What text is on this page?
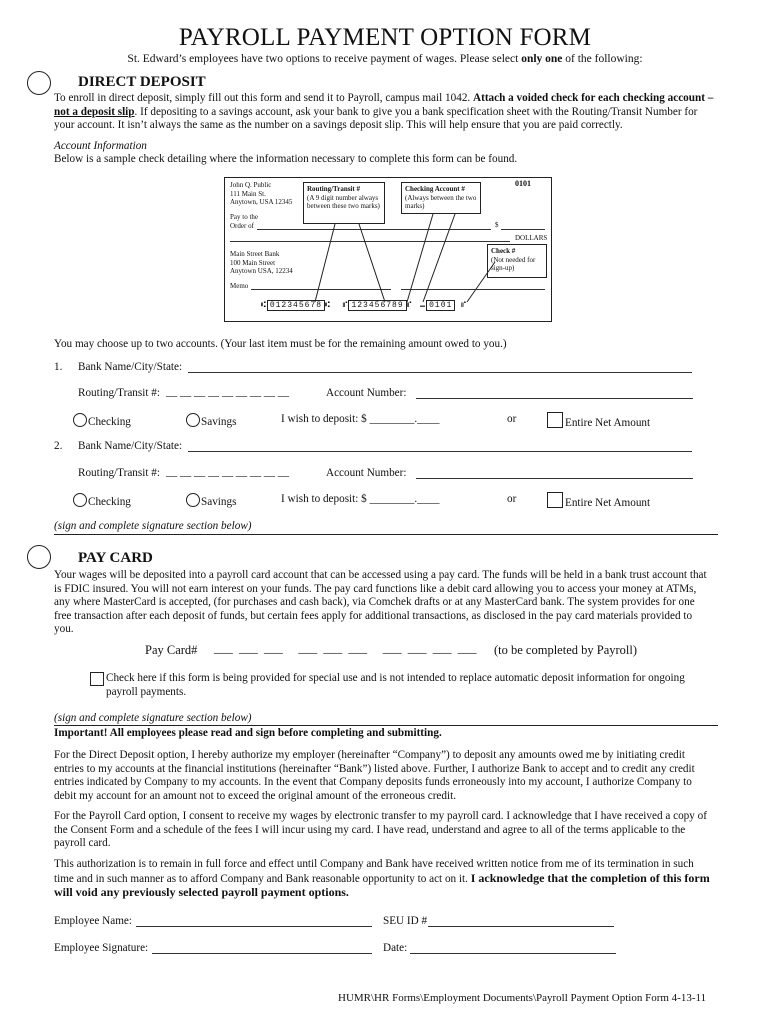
PAYROLL PAYMENT OPTION FORM
St. Edward’s employees have two options to receive payment of wages. Please select only one of the following:
DIRECT DEPOSIT
To enroll in direct deposit, simply fill out this form and send it to Payroll, campus mail 1042. Attach a voided check for each checking account – not a deposit slip. If depositing to a savings account, ask your bank to give you a bank specification sheet with the Routing/Transit Number for your account. It isn’t always the same as the number on a savings deposit slip. This will help ensure that you are paid correctly.
Account Information
Below is a sample check detailing where the information necessary to complete this form can be found.
John Q. Public
111 Main St.
Anytown, USA 12345
0101
Pay to the
Order of	$
DOLLARS
Main Street Bank
100 Main Street
Anytown USA, 12234
Memo
Routing/Transit #
(A 9 digit number always between these two marks)
Checking Account #
(Always between the two marks)
Check #
(Not needed for sign-up)
⑆ 012345678 ⑆ ⑈ 123456789 ⑈ ⑉ 0101 ⑈
You may choose up to two accounts. (Your last item must be for the remaining amount owed to you.)
1. Bank Name/City/State:
Routing/Transit #: __ __ __ __ __ __ __ __ __	Account Number:
Checking	Savings	I wish to deposit: $ ________.____	or	Entire Net Amount
2. Bank Name/City/State:
Routing/Transit #: __ __ __ __ __ __ __ __ __	Account Number:
Checking	Savings	I wish to deposit: $ ________.____	or	Entire Net Amount
(sign and complete signature section below)
PAY CARD
Your wages will be deposited into a payroll card account that can be accessed using a pay card. The funds will be held in a bank trust account that is FDIC insured. You will not earn interest on your funds. The pay card functions like a debit card allowing you to access your money at ATMs, any where MasterCard is accepted, (for purchases and cash back), via Comchek drafts or at any MasterCard bank. The system provides for one free transaction after each deposit of funds, but certain fees apply for additional transactions, as disclosed in the pay card materials provided to you.
Pay Card# ___  ___  ___     ___  ___  ___     ___  ___  ___  ___ (to be completed by Payroll)
Check here if this form is being provided for special use and is not intended to replace automatic deposit information for ongoing payroll payments.
(sign and complete signature section below)
Important! All employees please read and sign before completing and submitting.
For the Direct Deposit option, I hereby authorize my employer (hereinafter “Company”) to deposit any amounts owed me by initiating credit entries to my accounts at the financial institutions (hereinafter “Bank”) listed above. Further, I authorize Bank to accept and to credit any credit entries indicated by Company to my accounts. In the event that Company deposits funds erroneously into my account, I authorize Company to debit my account for an amount not to exceed the original amount of the erroneous credit.
For the Payroll Card option, I consent to receive my wages by electronic transfer to my payroll card. I acknowledge that I have received a copy of the Consent Form and a schedule of the fees I will incur using my card. I have read, understand and agree to all of the terms applicable to the payroll card.
This authorization is to remain in full force and effect until Company and Bank have received written notice from me of its termination in such time and in such manner as to afford Company and Bank reasonable opportunity to act on it. I acknowledge that the completion of this form will void any previously selected payroll payment options.
Employee Name:	SEU ID #
Employee Signature:	Date:
HUMR\HR Forms\Employment Documents\Payroll Payment Option Form 4-13-11
